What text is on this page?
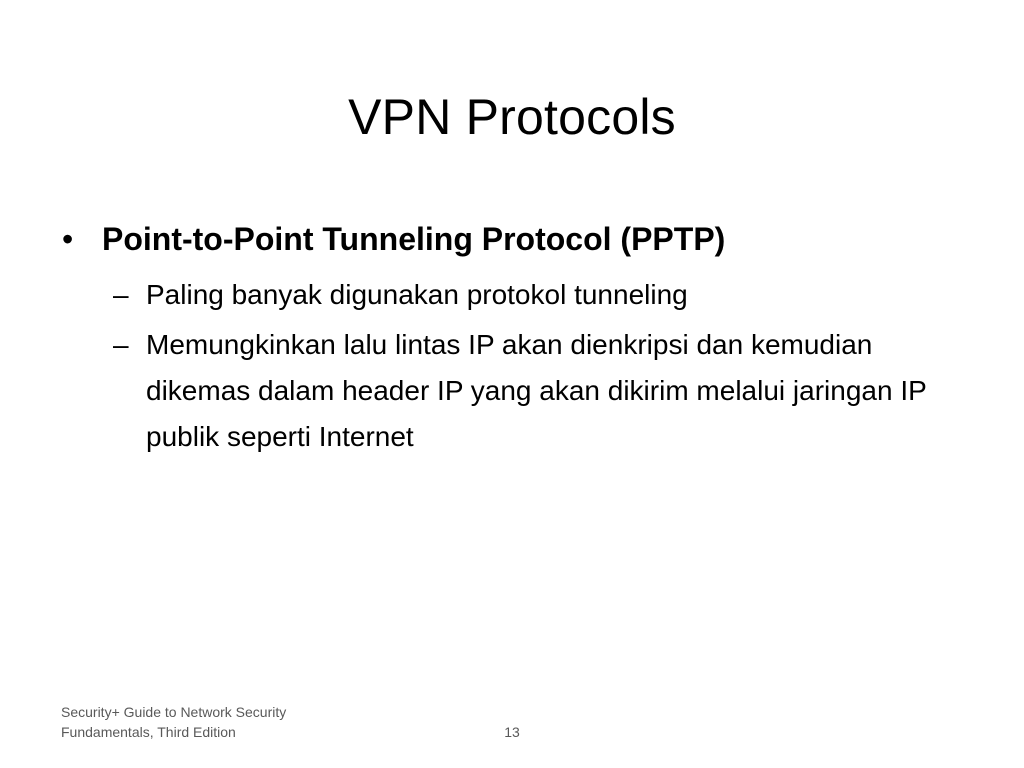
VPN Protocols
• Point-to-Point Tunneling Protocol (PPTP)
– Paling banyak digunakan protokol tunneling
– Memungkinkan lalu lintas IP akan dienkripsi dan kemudian dikemas dalam header IP yang akan dikirim melalui jaringan IP publik seperti Internet
Security+ Guide to Network Security Fundamentals, Third Edition	13
